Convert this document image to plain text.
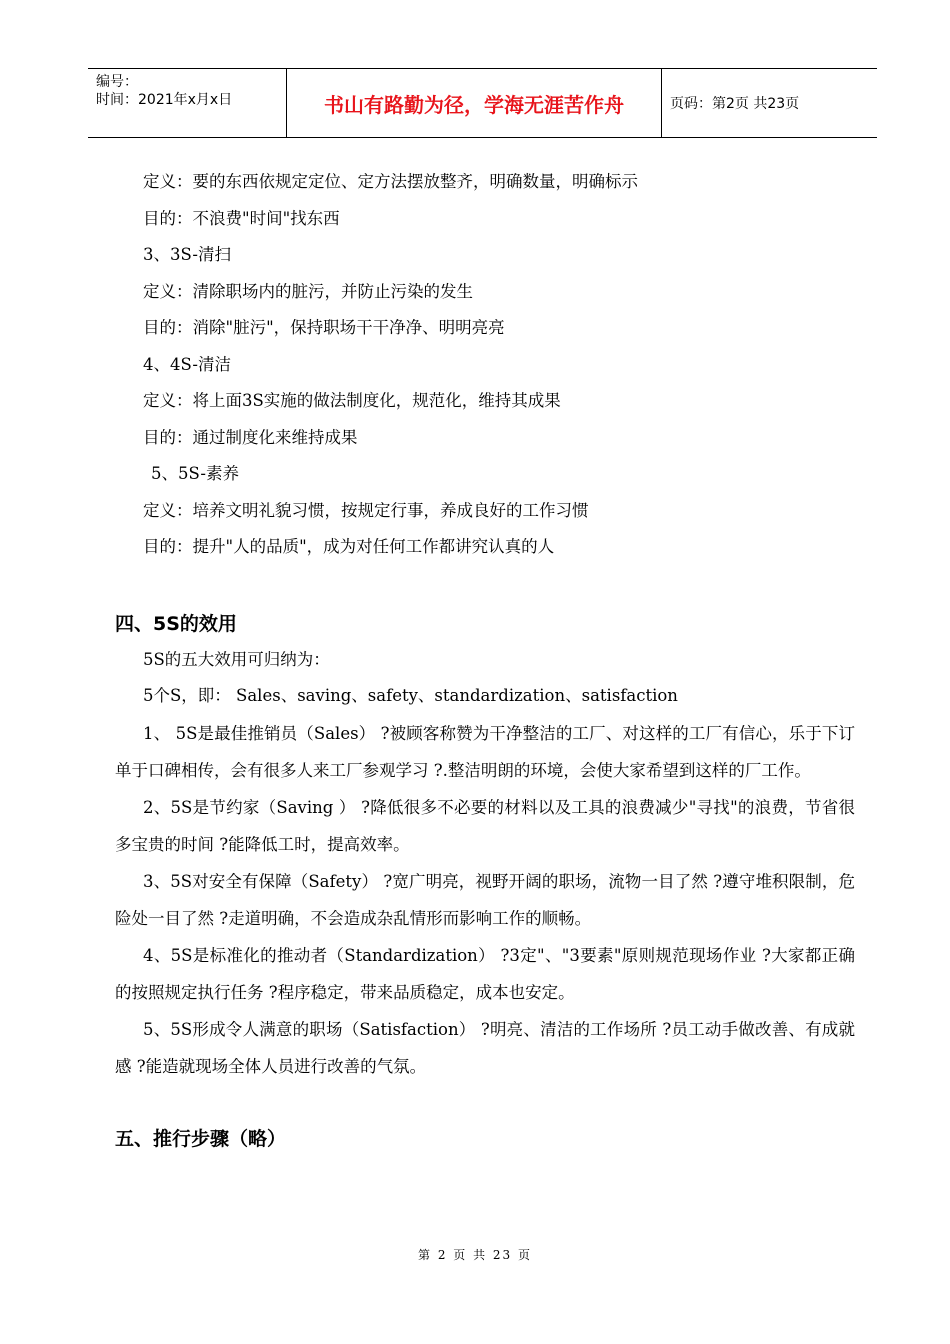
编号：
时间：2021年x月x日	书山有路勤为径，学海无涯苦作舟	页码：第2页 共23页
定义：要的东西依规定定位、定方法摆放整齐，明确数量，明确标示
目的：不浪费"时间"找东西
3、3S-清扫
定义：清除职场内的脏污，并防止污染的发生
目的：消除"脏污"，保持职场干干净净、明明亮亮
4、4S-清洁
定义：将上面3S实施的做法制度化，规范化，维持其成果
目的：通过制度化来维持成果
5、5S-素养
定义：培养文明礼貌习惯，按规定行事，养成良好的工作习惯
目的：提升"人的品质"，成为对任何工作都讲究认真的人
四、5S的效用
5S的五大效用可归纳为：
5个S，即： Sales、saving、safety、standardization、satisfaction

1、 5S是最佳推销员（Sales） ?被顾客称赞为干净整洁的工厂、对这样的工厂有信心，乐于下订单于口碑相传，会有很多人来工厂参观学习 ?.整洁明朗的环境，会使大家希望到这样的厂工作。

2、5S是节约家（Saving ） ?降低很多不必要的材料以及工具的浪费减少"寻找"的浪费，节省很多宝贵的时间 ?能降低工时，提高效率。

3、5S对安全有保障（Safety） ?宽广明亮，视野开阔的职场，流物一目了然 ?遵守堆积限制，危险处一目了然 ?走道明确，不会造成杂乱情形而影响工作的顺畅。

4、5S是标准化的推动者（Standardization） ?3定"、"3要素"原则规范现场作业 ?大家都正确的按照规定执行任务 ?程序稳定，带来品质稳定，成本也安定。

5、5S形成令人满意的职场（Satisfaction） ?明亮、清洁的工作场所 ?员工动手做改善、有成就感 ?能造就现场全体人员进行改善的气氛。

五、推行步骤（略）
第 2 页 共 23 页
